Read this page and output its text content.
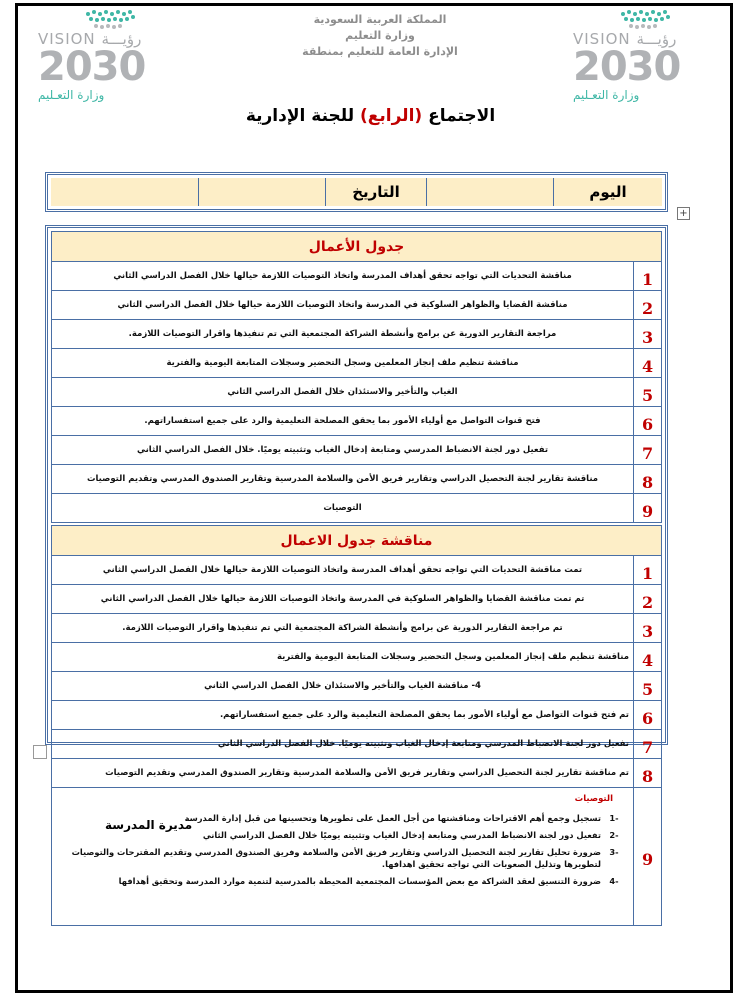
VISION رؤيـــة
2030
وزارة التعـليم
المملكة العربية السعودية
وزارة التعليم
الإدارة العامة للتعليم بمنطقة
VISION رؤيـــة
2030
وزارة التعـليم
الاجتماع (الرابع) للجنة الإدارية
اليوم
التاريخ
+
جدول الأعمال
1
مناقشة التحديات التي تواجه تحقق أهداف المدرسة واتخاذ التوصيات اللازمة حيالها خلال الفصل الدراسي الثاني
2
مناقشة القضايا والظواهر السلوكية في المدرسة واتخاذ التوصيات اللازمة حيالها خلال الفصل الدراسي الثاني
3
مراجعة التقارير الدورية عن برامج وأنشطة الشراكة المجتمعية التي تم تنفيذها واقرار التوصيات اللازمة.
4
مناقشة تنظيم ملف إنجاز المعلمين وسجل التحضير وسجلات المتابعة اليومية والفترية
5
الغياب والتأخير والاستئذان خلال الفصل الدراسي الثاني
6
فتح قنوات التواصل مع أولياء الأمور بما يحقق المصلحة التعليمية والرد على جميع استفساراتهم.
7
تفعيل دور لجنة الانضباط المدرسي ومتابعة إدخال الغياب وتثبيته يوميًا. خلال الفصل الدراسي الثاني
8
مناقشة تقارير لجنة التحصيل الدراسي وتقارير فريق الأمن والسلامة المدرسية وتقارير الصندوق المدرسي وتقديم التوصيات
9
التوصيات
مناقشة جدول الاعمال
1
تمت مناقشة التحديات التي تواجه تحقق أهداف المدرسة واتخاذ التوصيات اللازمة حيالها خلال الفصل الدراسي الثاني
2
تم تمت مناقشة القضايا والظواهر السلوكية في المدرسة واتخاذ التوصيات اللازمة حيالها خلال الفصل الدراسي الثاني
3
تم مراجعة التقارير الدورية عن برامج وأنشطة الشراكة المجتمعية التي تم تنفيذها واقرار التوصيات اللازمة.
4
مناقشة تنظيم ملف إنجاز المعلمين وسجل التحضير وسجلات المتابعة اليومية والفترية
5
4- مناقشة الغياب والتأخير والاستئذان خلال الفصل الدراسي الثاني
6
تم فتح قنوات التواصل مع أولياء الأمور بما يحقق المصلحة التعليمية والرد على جميع استفساراتهم.
7
تفعيل دور لجنة الانضباط المدرسي ومتابعة إدخال الغياب وتثبيته يوميًا. خلال الفصل الدراسي الثاني
8
تم مناقشة تقارير لجنة التحصيل الدراسي وتقارير فريق الأمن والسلامة المدرسية وتقارير الصندوق المدرسي وتقديم التوصيات
9
التوصيات
-1
تسجيل وجمع أهم الاقتراحات ومناقشتها من أجل العمل على تطويرها وتحسينها من قبل إدارة المدرسة
-2
تفعيل دور لجنة الانضباط المدرسي ومتابعة إدخال الغياب وتثبيته يوميًا خلال الفصل الدراسي الثاني
-3
ضرورة تحليل تقارير لجنة التحصيل الدراسي وتقارير فريق الأمن والسلامة وفريق الصندوق المدرسي وتقديم المقترحات والتوصيات لتطويرها وتذليل الصعوبات التي تواجه تحقيق اهدافها.
-4
ضرورة التنسيق لعقد الشراكة مع بعض المؤسسات المجتمعية المحيطة بالمدرسية لتنمية موارد المدرسة وتحقيق أهدافها
مديرة المدرسة
